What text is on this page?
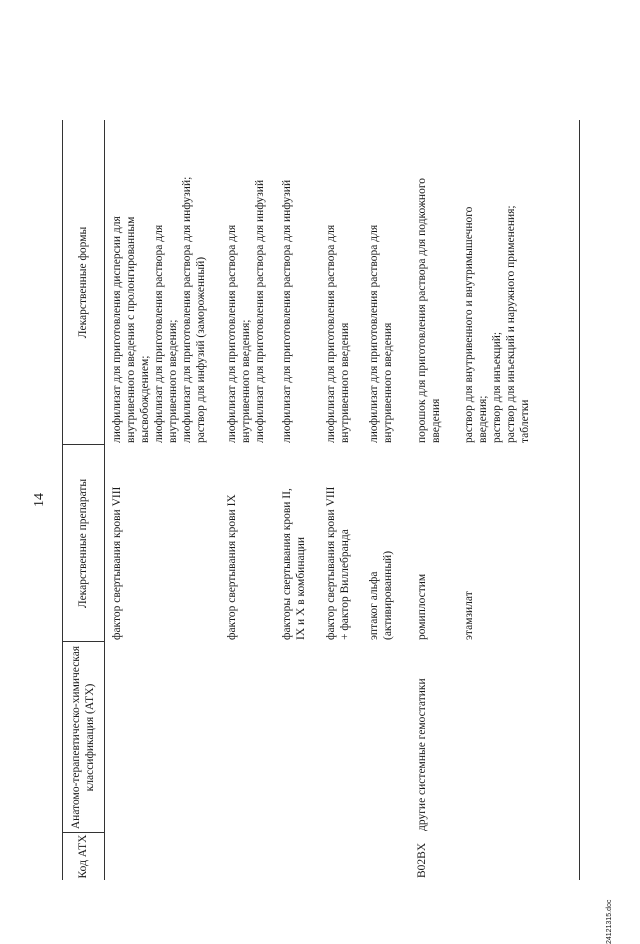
14
Код АТХ
Анатомо-терапевтическо-химическая
классификация (АТХ)
Лекарственные препараты
Лекарственные формы
фактор свертывания крови VIII
лиофилизат для приготовления дисперсии для
внутривенного введения с пролонгированным
высвобождением;
лиофилизат для приготовления раствора для
внутривенного введения;
лиофилизат для приготовления раствора для инфузий;
раствор для инфузий (замороженный)
фактор свертывания крови IX
лиофилизат для приготовления раствора для
внутривенного введения;
лиофилизат для приготовления раствора для инфузий
факторы свертывания крови II,
IX и X в комбинации
лиофилизат для приготовления раствора для инфузий
фактор свертывания крови VIII
+ фактор Виллебранда
лиофилизат для приготовления раствора для
внутривенного введения
эптаког альфа
(активированный)
лиофилизат для приготовления раствора для
внутривенного введения
B02BX
другие системные гемостатики
ромиплостим
порошок для приготовления раствора для подкожного
введения
этамзилат
раствор для внутривенного и внутримышечного
введения;
раствор для инъекций;
раствор для инъекций и наружного применения;
таблетки
24121315.doc
